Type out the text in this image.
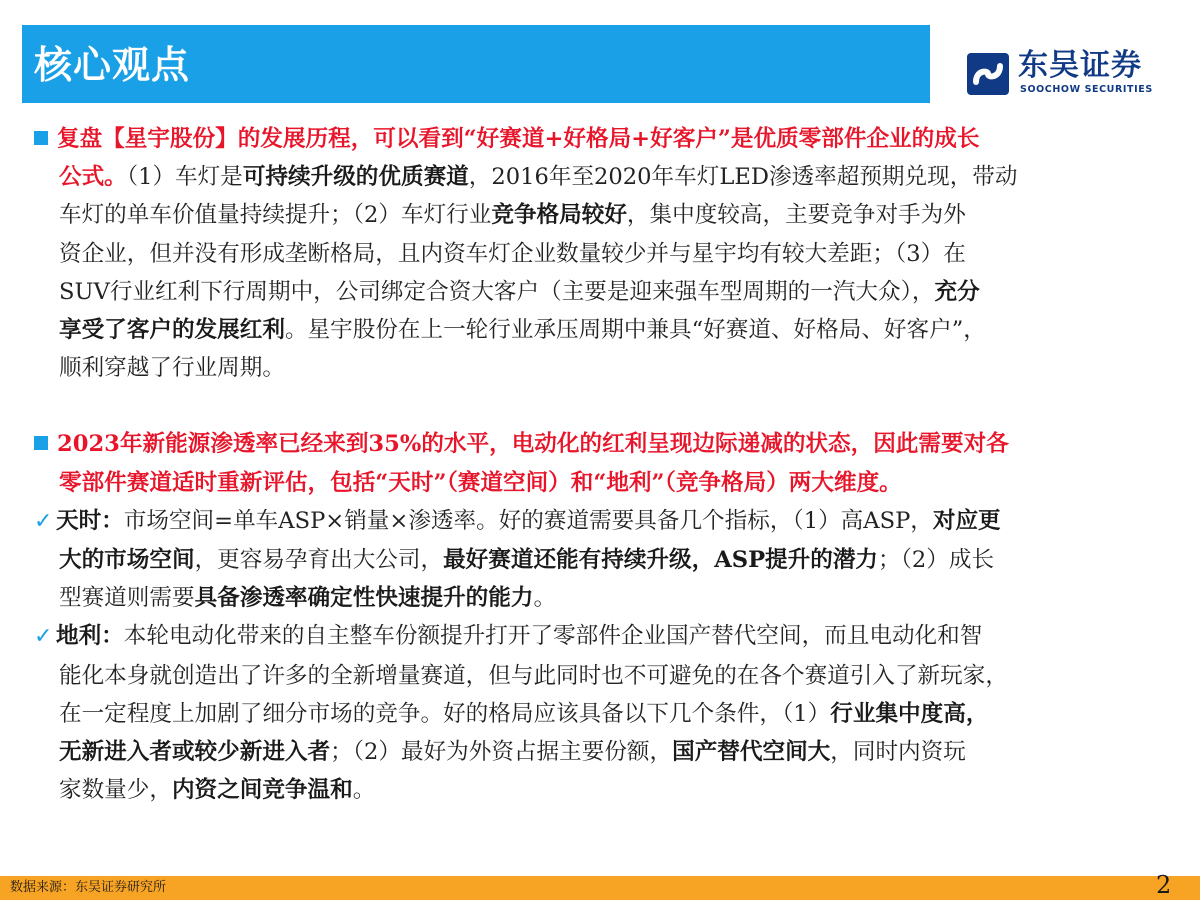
核心观点	东吴证券
SOOCHOW SECURITIES
复盘【星宇股份】的发展历程，可以看到“好赛道+好格局+好客户”是优质零部件企业的成长
公式。（1）车灯是可持续升级的优质赛道，2016年至2020年车灯LED渗透率超预期兑现，带动
车灯的单车价值量持续提升；（2）车灯行业竞争格局较好，集中度较高，主要竞争对手为外
资企业，但并没有形成垄断格局，且内资车灯企业数量较少并与星宇均有较大差距；（3）在
SUV行业红利下行周期中，公司绑定合资大客户（主要是迎来强车型周期的一汽大众），充分
享受了客户的发展红利。星宇股份在上一轮行业承压周期中兼具“好赛道、好格局、好客户”，
顺利穿越了行业周期。
2023年新能源渗透率已经来到35%的水平，电动化的红利呈现边际递减的状态，因此需要对各
零部件赛道适时重新评估，包括“天时”（赛道空间）和“地利”（竞争格局）两大维度。
✓ 天时：市场空间=单车ASP×销量×渗透率。好的赛道需要具备几个指标，（1）高ASP，对应更
大的市场空间，更容易孕育出大公司，最好赛道还能有持续升级，ASP提升的潜力；（2）成长
型赛道则需要具备渗透率确定性快速提升的能力。
✓ 地利：本轮电动化带来的自主整车份额提升打开了零部件企业国产替代空间，而且电动化和智
能化本身就创造出了许多的全新增量赛道，但与此同时也不可避免的在各个赛道引入了新玩家，
在一定程度上加剧了细分市场的竞争。好的格局应该具备以下几个条件，（1）行业集中度高，
无新进入者或较少新进入者；（2）最好为外资占据主要份额，国产替代空间大，同时内资玩
家数量少，内资之间竞争温和。
数据来源：东吴证券研究所	2
